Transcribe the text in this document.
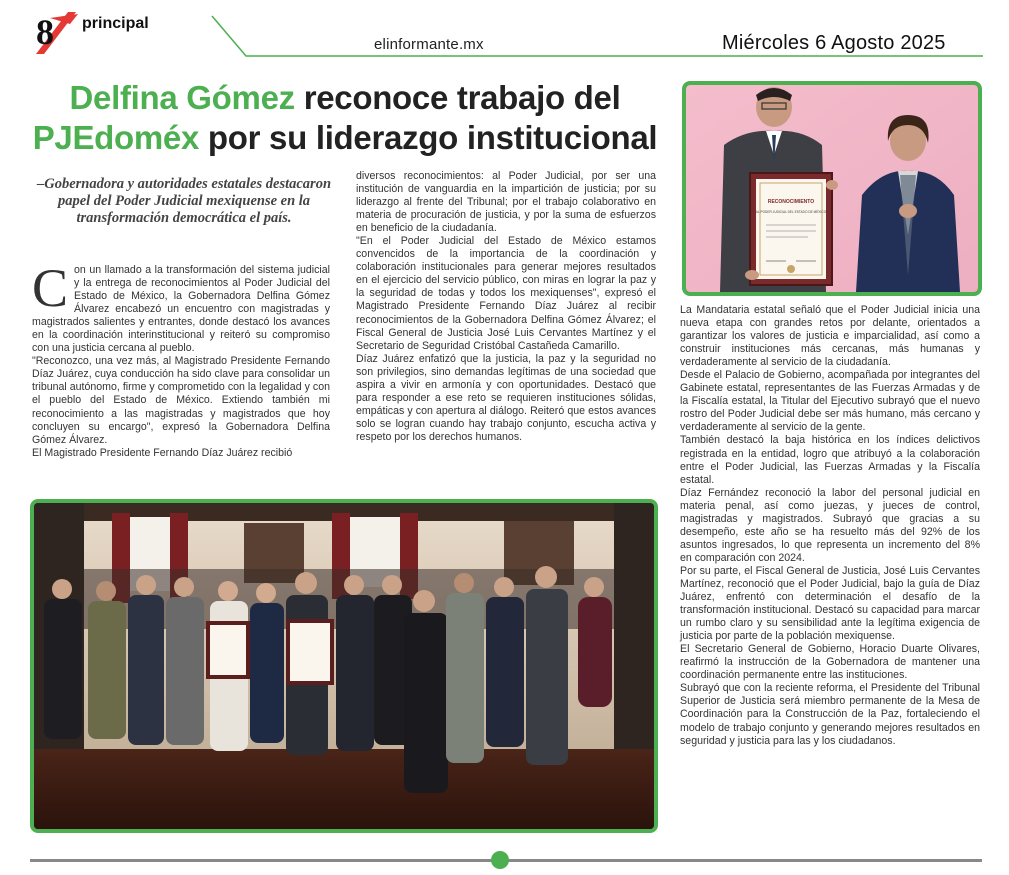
8 principal
elinformante.mx	Miércoles 6 Agosto 2025
Delfina Gómez reconoce trabajo del
PJEdoméx por su liderazgo institucional
–Gobernadora y autoridades estatales destacaron papel del Poder Judicial mexiquense en la transformación democrática el país.

Con un llamado a la transformación del sistema judicial y la entrega de reconocimientos al Poder Judicial del Estado de México, la Gobernadora Delfina Gómez Álvarez encabezó un encuentro con magistradas y magistrados salientes y entrantes, donde destacó los avances en la coordinación interinstitucional y reiteró su compromiso con una justicia cercana al pueblo.

"Reconozco, una vez más, al Magistrado Presidente Fernando Díaz Juárez, cuya conducción ha sido clave para consolidar un tribunal autónomo, firme y comprometido con la legalidad y con el pueblo del Estado de México. Extiendo también mi reconocimiento a las magistradas y magistrados que hoy concluyen su encargo", expresó la Gobernadora Delfina Gómez Álvarez.

El Magistrado Presidente Fernando Díaz Juárez recibió

diversos reconocimientos: al Poder Judicial, por ser una institución de vanguardia en la impartición de justicia; por su liderazgo al frente del Tribunal; por el trabajo colaborativo en materia de procuración de justicia, y por la suma de esfuerzos en beneficio de la ciudadanía.

"En el Poder Judicial del Estado de México estamos convencidos de la importancia de la coordinación y colaboración institucionales para generar mejores resultados en el ejercicio del servicio público, con miras en lograr la paz y la seguridad de todas y todos los mexiquenses", expresó el Magistrado Presidente Fernando Díaz Juárez al recibir reconocimientos de la Gobernadora Delfina Gómez Álvarez; el Fiscal General de Justicia José Luis Cervantes Martínez y el Secretario de Seguridad Cristóbal Castañeda Camarillo.

Díaz Juárez enfatizó que la justicia, la paz y la seguridad no son privilegios, sino demandas legítimas de una sociedad que aspira a vivir en armonía y con oportunidades. Destacó que para responder a ese reto se requieren instituciones sólidas, empáticas y con apertura al diálogo. Reiteró que estos avances solo se logran cuando hay trabajo conjunto, escucha activa y respeto por los derechos humanos.

La Mandataria estatal señaló que el Poder Judicial inicia una nueva etapa con grandes retos por delante, orientados a garantizar los valores de justicia e imparcialidad, así como a construir instituciones más cercanas, más humanas y verdaderamente al servicio de la ciudadanía.

Desde el Palacio de Gobierno, acompañada por integrantes del Gabinete estatal, representantes de las Fuerzas Armadas y de la Fiscalía estatal, la Titular del Ejecutivo subrayó que el nuevo rostro del Poder Judicial debe ser más humano, más cercano y verdaderamente al servicio de la gente.

También destacó la baja histórica en los índices delictivos registrada en la entidad, logro que atribuyó a la colaboración entre el Poder Judicial, las Fuerzas Armadas y la Fiscalía estatal.

Díaz Fernández reconoció la labor del personal judicial en materia penal, así como juezas, y jueces de control, magistradas y magistrados. Subrayó que gracias a su desempeño, este año se ha resuelto más del 92% de los asuntos ingresados, lo que representa un incremento del 8% en comparación con 2024.

Por su parte, el Fiscal General de Justicia, José Luis Cervantes Martínez, reconoció que el Poder Judicial, bajo la guía de Díaz Juárez, enfrentó con determinación el desafío de la transformación institucional. Destacó su capacidad para marcar un rumbo claro y su sensibilidad ante la legítima exigencia de justicia por parte de la población mexiquense.

El Secretario General de Gobierno, Horacio Duarte Olivares, reafirmó la instrucción de la Gobernadora de mantener una coordinación permanente entre las instituciones.

Subrayó que con la reciente reforma, el Presidente del Tribunal Superior de Justicia será miembro permanente de la Mesa de Coordinación para la Construcción de la Paz, fortaleciendo el modelo de trabajo conjunto y generando mejores resultados en seguridad y justicia para las y los ciudadanos.

RECONOCIMIENTO
AL PODER JUDICIAL DEL ESTADO DE MÉXICO
